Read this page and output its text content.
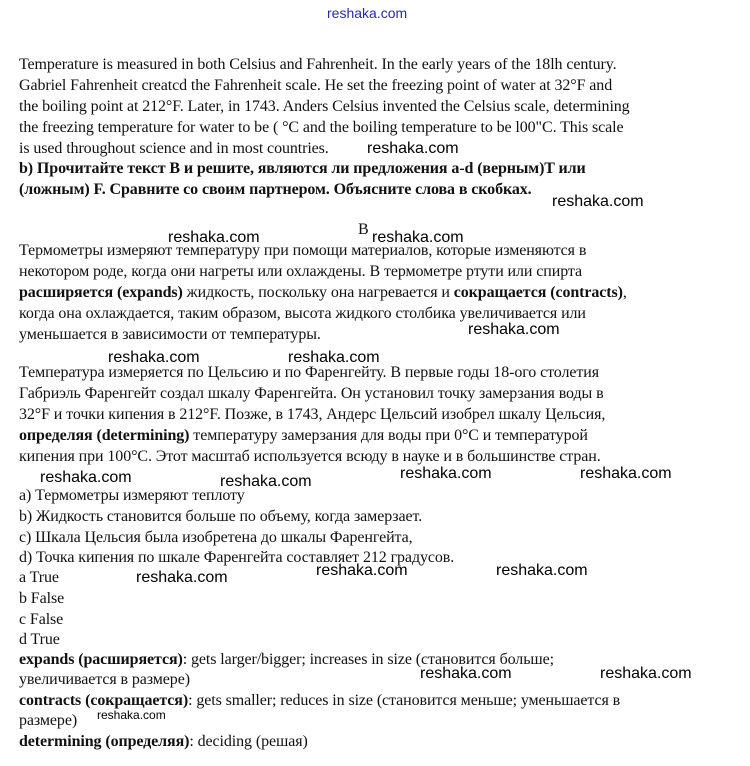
reshaka.com
Temperature is measured in both Celsius and Fahrenheit. In the early years of the 18lh century.
Gabriel Fahrenheit creatcd the Fahrenheit scale. He set the freezing point of water at 32°F and
the boiling point at 212°F. Later, in 1743. Anders Celsius invented the Celsius scale, determining
the freezing temperature for water to be ( °C and the boiling temperature to be l00"C. This scale
is used throughout science and in most countries.
b) Прочитайте текст В и решите, являются ли предложения a-d (верным)T или
(ложным) F. Сравните со своим партнером. Объясните слова в скобках.
B
Термометры измеряют температуру при помощи материалов, которые изменяются в
некотором роде, когда они нагреты или охлаждены. В термометре ртути или спирта
расширяется (expands) жидкость, поскольку она нагревается и сокращается (contracts),
когда она охлаждается, таким образом, высота жидкого столбика увеличивается или
уменьшается в зависимости от температуры.
Температура измеряется по Цельсию и по Фаренгейту. В первые годы 18-ого столетия
Габриэль Фаренгейт создал шкалу Фаренгейта. Он установил точку замерзания воды в
32°F и точки кипения в 212°F. Позже, в 1743, Андерс Цельсий изобрел шкалу Цельсия,
определяя (determining) температуру замерзания для воды при 0°C и температурой
кипения при 100°C. Этот масштаб используется всюду в науке и в большинстве стран.
a) Термометры измеряют теплоту
b) Жидкость становится больше по объему, когда замерзает.
c) Шкала Цельсия была изобретена до шкалы Фаренгейта,
d) Точка кипения по шкале Фаренгейта составляет 212 градусов.
a True
b False
c False
d True
expands (расширяется): gets larger/bigger; increases in size (становится больше;
увеличивается в размере)
contracts (сокращается): gets smaller; reduces in size (становится меньше; уменьшается в
размере)
determining (определяя): deciding (решая)
reshaka.com
reshaka.com
reshaka.com	reshaka.com
reshaka.com
reshaka.com	reshaka.com
reshaka.com	reshaka.com
reshaka.com	reshaka.com
reshaka.com	reshaka.com
reshaka.com
reshaka.com	reshaka.com
reshaka.com
